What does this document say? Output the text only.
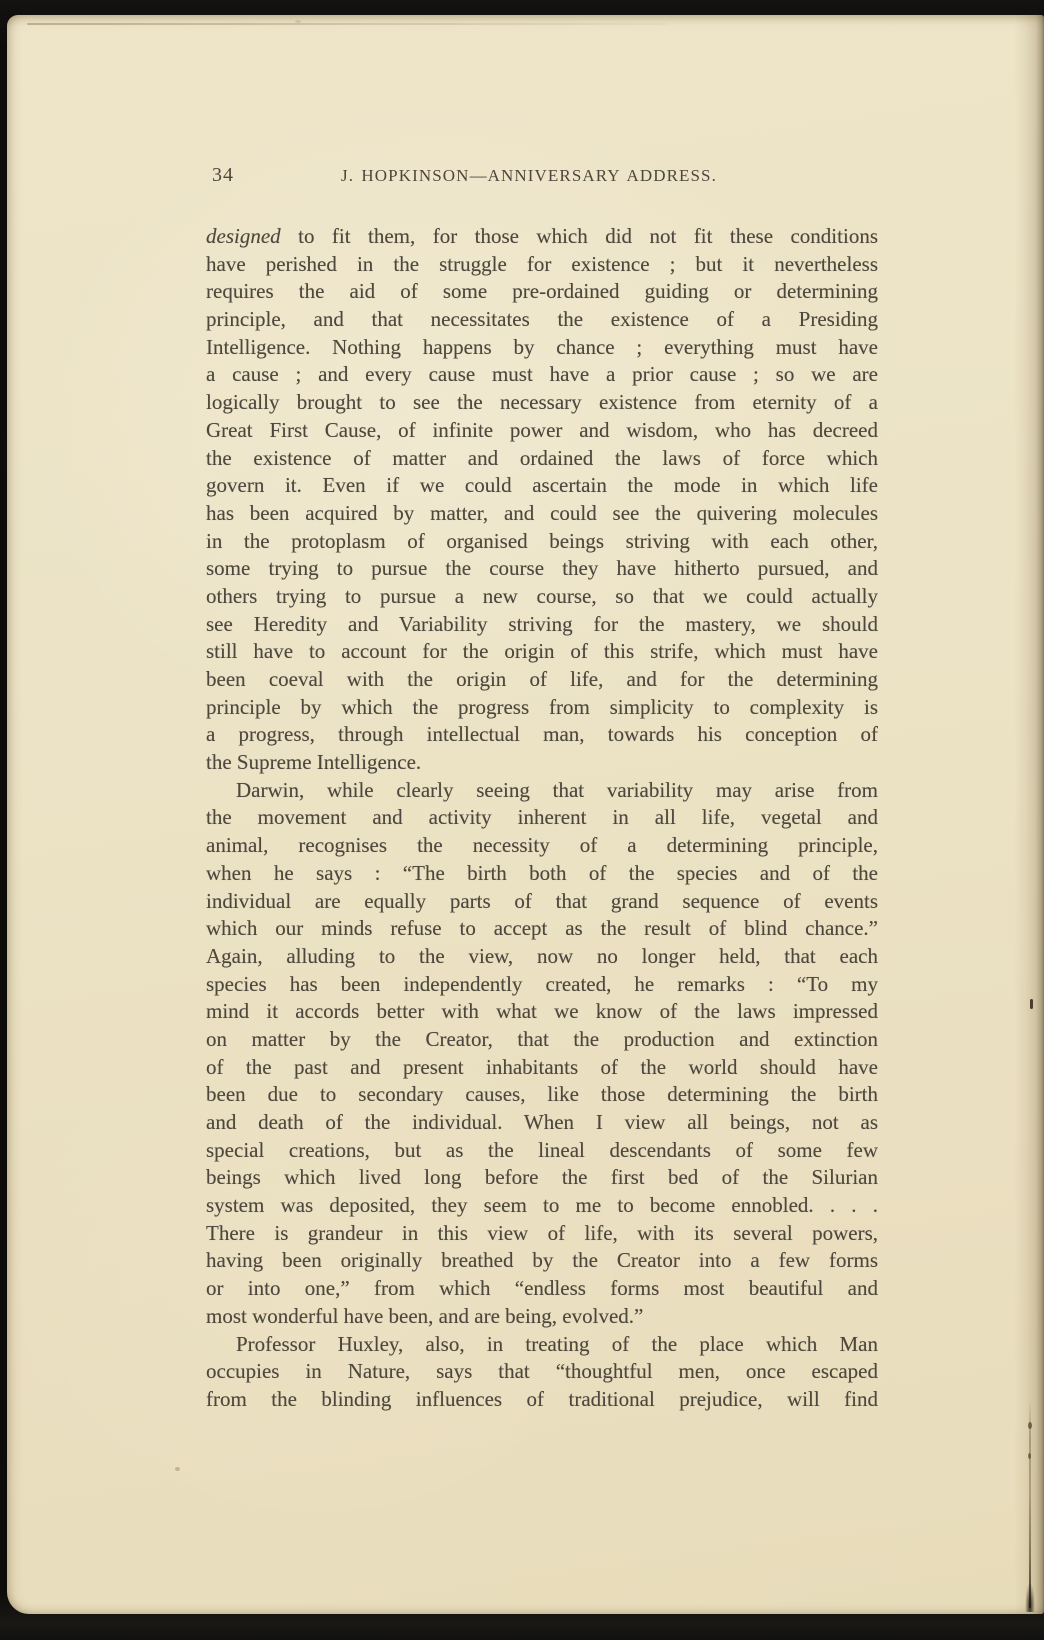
34	J. HOPKINSON—ANNIVERSARY ADDRESS.
designed to fit them, for those which did not fit these conditions
have perished in the struggle for existence ; but it nevertheless
requires the aid of some pre-ordained guiding or determining
principle, and that necessitates the existence of a Presiding
Intelligence. Nothing happens by chance ; everything must have
a cause ; and every cause must have a prior cause ; so we are
logically brought to see the necessary existence from eternity of a
Great First Cause, of infinite power and wisdom, who has decreed
the existence of matter and ordained the laws of force which
govern it. Even if we could ascertain the mode in which life
has been acquired by matter, and could see the quivering molecules
in the protoplasm of organised beings striving with each other,
some trying to pursue the course they have hitherto pursued, and
others trying to pursue a new course, so that we could actually
see Heredity and Variability striving for the mastery, we should
still have to account for the origin of this strife, which must have
been coeval with the origin of life, and for the determining
principle by which the progress from simplicity to complexity is
a progress, through intellectual man, towards his conception of
the Supreme Intelligence.
Darwin, while clearly seeing that variability may arise from
the movement and activity inherent in all life, vegetal and
animal, recognises the necessity of a determining principle,
when he says : “The birth both of the species and of the
individual are equally parts of that grand sequence of events
which our minds refuse to accept as the result of blind chance.”
Again, alluding to the view, now no longer held, that each
species has been independently created, he remarks : “To my
mind it accords better with what we know of the laws impressed
on matter by the Creator, that the production and extinction
of the past and present inhabitants of the world should have
been due to secondary causes, like those determining the birth
and death of the individual. When I view all beings, not as
special creations, but as the lineal descendants of some few
beings which lived long before the first bed of the Silurian
system was deposited, they seem to me to become ennobled. . . .
There is grandeur in this view of life, with its several powers,
having been originally breathed by the Creator into a few forms
or into one,” from which “endless forms most beautiful and
most wonderful have been, and are being, evolved.”
Professor Huxley, also, in treating of the place which Man
occupies in Nature, says that “thoughtful men, once escaped
from the blinding influences of traditional prejudice, will find
